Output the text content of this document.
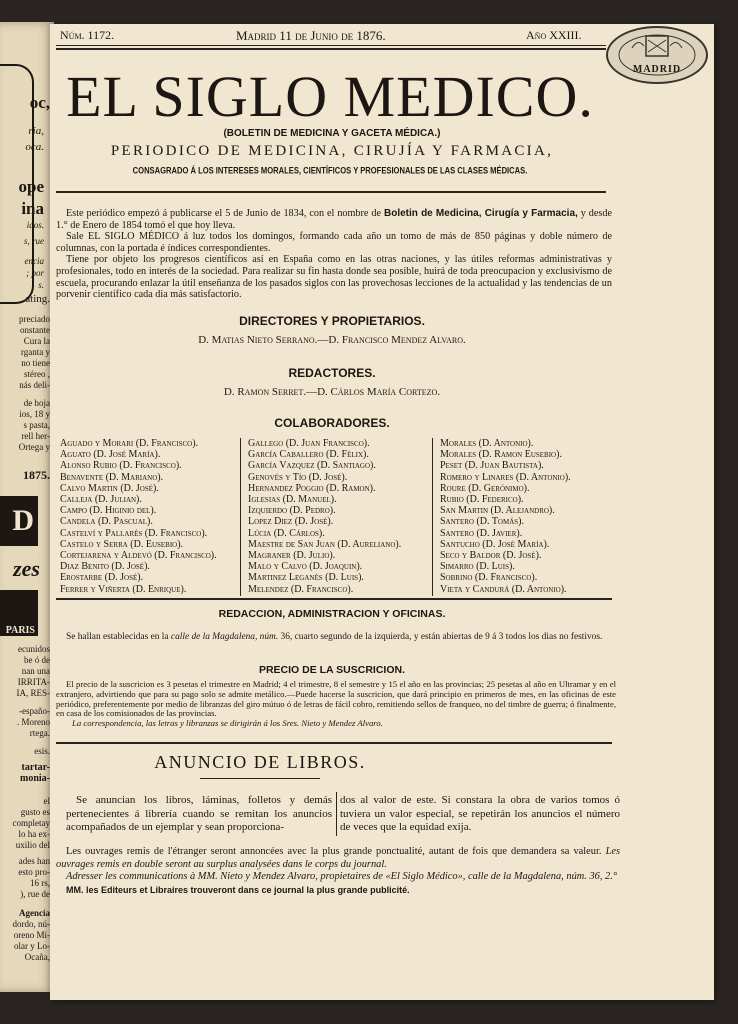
oc,
ria,
oca.
ope
ina
idos.
s, rue
encia
; por
s.
ating.
preciado
onstante
Cura la
rganta y
no tiene
stéreo ,
nás deli-
de hoja
ios, 18 y
s pasta,
rell her-
Ortega y
1875.
D
zes
PARIS
ecunidos
be ó de
nan una
IRRITA-
IA, RES-
-españo-
. Moreno
rtega.
esis.
tartar-
monia-
el
gusto es
completay
lo ha ex-
uxilio del
ades han
esto pro-
16 rs,
), rue de
Agencia
dordo, nú-
oreno Mi-
olar y Lo-
Ocaña,
Núm. 1172.	Madrid 11 de Junio de 1876.	Año XXIII.
MADRID
EL SIGLO MEDICO.
(BOLETIN DE MEDICINA Y GACETA MÉDICA.)
PERIODICO DE MEDICINA, CIRUJÍA Y FARMACIA,
CONSAGRADO Á LOS INTERESES MORALES, CIENTÍFICOS Y PROFESIONALES DE LAS CLASES MÉDICAS.

Este periódico empezó á publicarse el 5 de Junio de 1834, con el nombre de Boletin de Medicina, Cirugía y Farmacia, y desde 1.° de Enero de 1854 tomó el que hoy lleva.

Sale EL SIGLO MÉDICO á luz todos los domingos, formando cada año un tomo de más de 850 páginas y doble número de columnas, con la portada é índices correspondientes.

Tiene por objeto los progresos científicos así en España como en las otras naciones, y las útiles reformas administrativas y profesionales, todo en interés de la sociedad. Para realizar su fin hasta donde sea posible, huirá de toda preocupacion y exclusivismo de escuela, procurando enlazar la útil enseñanza de los pasados siglos con las provechosas lecciones de la actualidad y las tendencias de un porvenir científico cada dia más satisfactorio.

DIRECTORES Y PROPIETARIOS.
D. Matias Nieto Serrano.—D. Francisco Mendez Alvaro.
REDACTORES.
D. Ramon Serret.—D. Cárlos María Cortezo.
COLABORADORES.
Aguado y Morari (D. Francisco).
Aguato (D. José María).
Alonso Rubio (D. Francisco).
Benavente (D. Mariano).
Calvo Martin (D. José).
Calleja (D. Julian).
Campo (D. Higinio del).
Candela (D. Pascual).
Castelví y Pallarés (D. Francisco).
Castelo y Serra (D. Eusebio).
Cortejarena y Aldevó (D. Francisco).
Diaz Benito (D. José).
Erostarbe (D. José).
Ferrer y Viñerta (D. Enrique).
Gallego (D. Juan Francisco).
García Caballero (D. Félix).
García Vazquez (D. Santiago).
Genovés y Tío (D. José).
Hernandez Poggio (D. Ramon).
Iglesias (D. Manuel).
Izquierdo (D. Pedro).
Lopez Diez (D. José).
Lúcia (D. Cárlos).
Maestre de San Juan (D. Aureliano).
Magraner (D. Julio).
Malo y Calvo (D. Joaquin).
Martinez Leganés (D. Luis).
Melendez (D. Francisco).
Morales (D. Antonio).
Morales (D. Ramon Eusebio).
Peset (D. Juan Bautista).
Romero y Linares (D. Antonio).
Roure (D. Gerónimo).
Rubio (D. Federico).
San Martin (D. Alejandro).
Santero (D. Tomás).
Santero (D. Javier).
Santucho (D. José María).
Seco y Baldor (D. José).
Simarro (D. Luis).
Sobrino (D. Francisco).
Vieta y Candurá (D. Antonio).
REDACCION, ADMINISTRACION Y OFICINAS.

Se hallan establecidas en la calle de la Magdalena, núm. 36, cuarto segundo de la izquierda, y están abiertas de 9 á 3 todos los dias no festivos.

PRECIO DE LA SUSCRICION.

El precio de la suscricion es 3 pesetas el trimestre en Madrid; 4 el trimestre, 8 el semestre y 15 el año en las provincias; 25 pesetas al año en Ultramar y en el extranjero, advirtiendo que para su pago solo se admite metálico.—Puede hacerse la suscricion, que dará principio en primeros de mes, en las oficinas de este periódico, preferentemente por medio de libranzas del giro mútuo ó de letras de fácil cobro, remitiendo sellos de franqueo, no del timbre de guerra; ó finalmente, en casa de los comisionados de las provincias.

La correspondencia, las letras y libranzas se dirigirán á los Sres. Nieto y Mendez Alvaro.

ANUNCIO DE LIBROS.

Se anuncian los libros, láminas, folletos y demás pertenecientes á librería cuando se remitan los anuncios acompañados de un ejemplar y sean proporciona-

dos al valor de este. Si constara la obra de varios tomos ó tuviera un valor especial, se repetirán los anuncios el número de veces que la equidad exija.

Les ouvrages remis de l'étranger seront annoncées avec la plus grande ponctualité, autant de fois que demandera sa valeur. Les ouvrages remis en double seront au surplus analysées dans le corps du journal.

Adresser les communications à MM. Nieto y Mendez Alvaro, propietaires de «El Siglo Médico», calle de la Magdalena, núm. 36, 2.°

MM. les Editeurs et Libraires trouveront dans ce journal la plus grande publicité.
